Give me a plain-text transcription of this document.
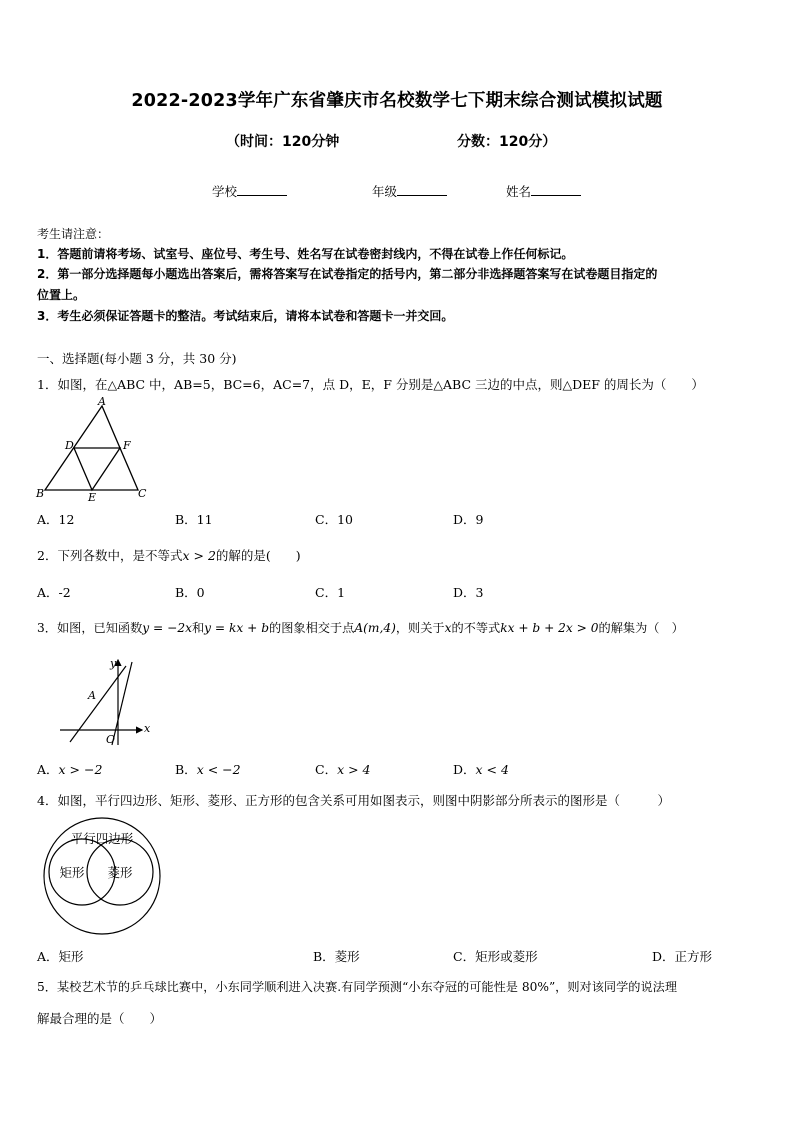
2022-2023学年广东省肇庆市名校数学七下期末综合测试模拟试题
（时间：120分钟	分数：120分）
学校	年级	姓名
考生请注意：
1．答题前请将考场、试室号、座位号、考生号、姓名写在试卷密封线内，不得在试卷上作任何标记。
2．第一部分选择题每小题选出答案后，需将答案写在试卷指定的括号内，第二部分非选择题答案写在试卷题目指定的
位置上。
3．考生必须保证答题卡的整洁。考试结束后，请将本试卷和答题卡一并交回。
一、选择题(每小题 3 分，共 30 分)
1．如图，在△ABC 中，AB=5，BC=6，AC=7，点 D，E，F 分别是△ABC 三边的中点，则△DEF 的周长为（　　）
A
D	F
B	E	C
A．12	B．11	C．10	D．9
2．下列各数中，是不等式x > 2的解的是(　　)
A．-2	B．0	C．1	D．3
3．如图，已知函数y = −2x和y = kx + b的图象相交于点A(m,4)，则关于x的不等式kx + b + 2x > 0的解集为（　）
y
x
O
A
A．x > −2	B．x < −2	C．x > 4	D．x < 4
4．如图，平行四边形、矩形、菱形、正方形的包含关系可用如图表示，则图中阴影部分所表示的图形是（　　　）
平行四边形
矩形 菱形
A．矩形	B．菱形	C．矩形或菱形	D．正方形
5．某校艺术节的乒乓球比赛中，小东同学顺利进入决赛.有同学预测“小东夺冠的可能性是 80%”，则对该同学的说法理
解最合理的是（　　）
